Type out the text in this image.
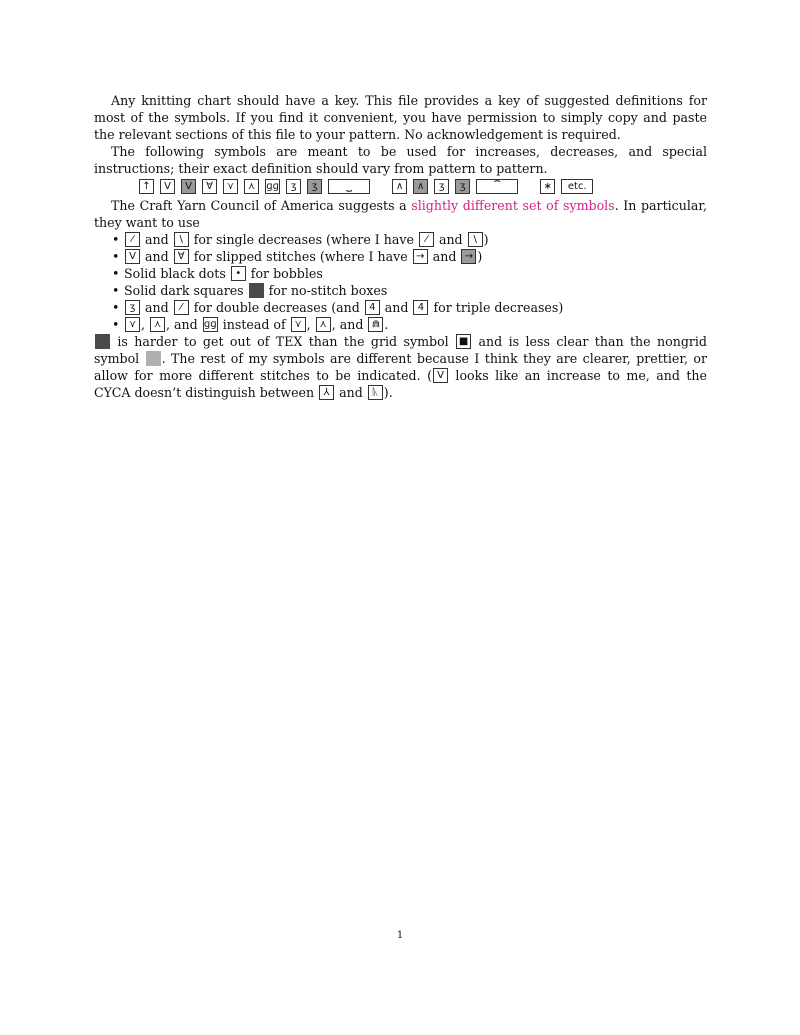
Any knitting chart should have a key. This file provides a key of suggested definitions for most of the symbols. If you find it convenient, you have permission to simply copy and paste the relevant sections of this file to your pattern. No acknowledgement is required.

The following symbols are meant to be used for increases, decreases, and special instructions; their exact definition should vary from pattern to pattern.

↑ V V ∀ ⋎ ⋏ ɡɡ ʒ ʒ	⏟	∧ ∧ ʒ ʒ	⏞	∗ etc.

The Craft Yarn Council of America suggests a slightly different set of symbols. In particular, they want to use

• ⁄ and \ for single decreases (where I have ⁄ and \ )
• V and ∀ for slipped stitches (where I have → and → )
• Solid black dots • for bobbles
• Solid dark squares  for no-stitch boxes
• ʒ and ⁄ for double decreases (and 4 and 4 for triple decreases)
• ⋎ , ⋏ , and ɡɡ instead of ⋎ , ⋏ , and ⋒ .

is harder to get out of TEX than the grid symbol ■ and is less clear than the nongrid symbol . The rest of my symbols are different because I think they are clearer, prettier, or allow for more different stitches to be indicated. ( V looks like an increase to me, and the CYCA doesn’t distinguish between ⅄ and ᚣ ).

1
